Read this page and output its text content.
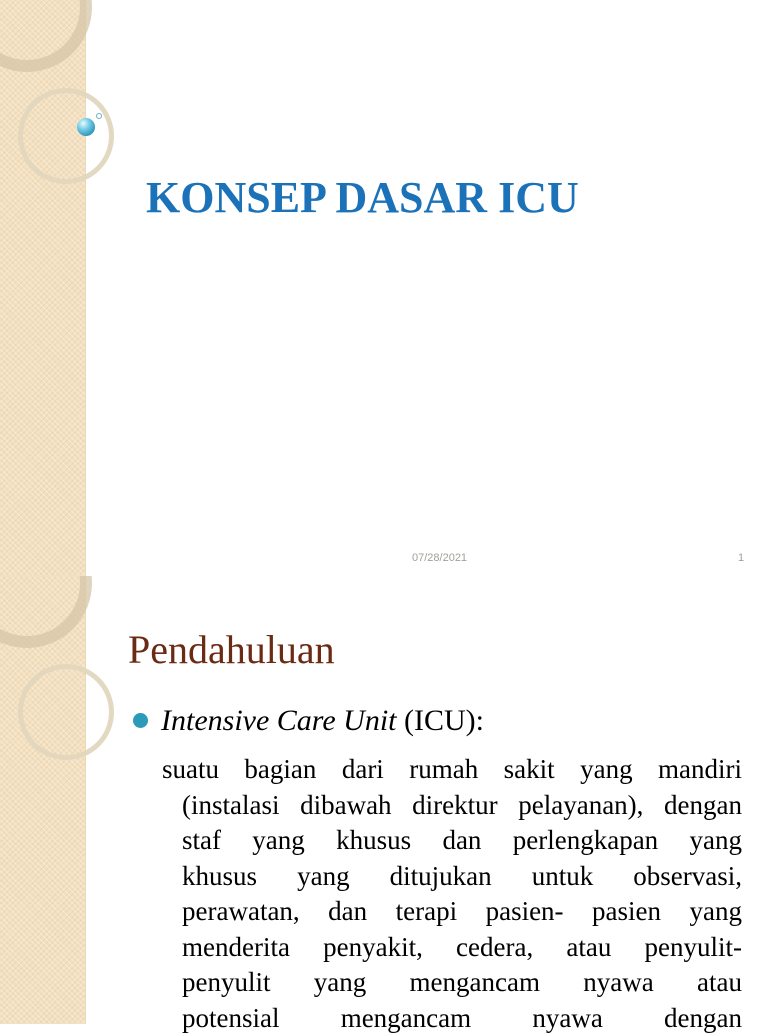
KONSEP DASAR ICU
07/28/2021	1
Pendahuluan
Intensive Care Unit (ICU):
suatu bagian dari rumah sakit yang mandiri
(instalasi dibawah direktur pelayanan), dengan
staf yang khusus dan perlengkapan yang
khusus yang ditujukan untuk observasi,
perawatan, dan terapi pasien- pasien yang
menderita penyakit, cedera, atau penyulit-
penyulit yang mengancam nyawa atau
potensial mengancam nyawa dengan
